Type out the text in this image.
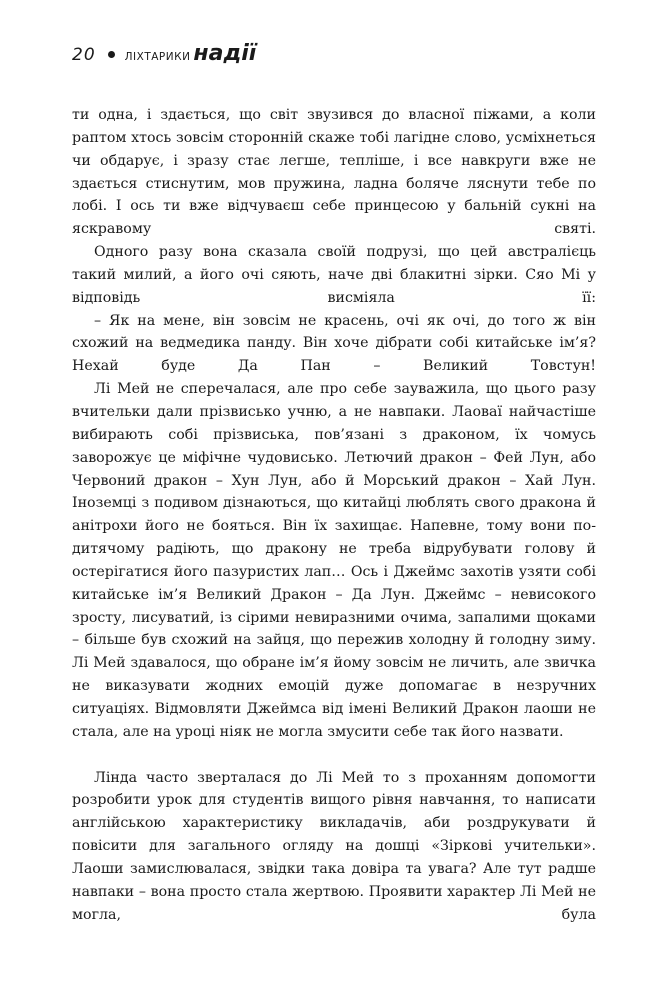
20	ЛІХТАРИКИ надії

ти одна, і здається, що світ звузився до власної піжами, а коли раптом хтось зовсім сторонній скаже тобі лагідне слово, усміхнеться чи обдарує, і зразу стає легше, тепліше, і все навкруги вже не здається стиснутим, мов пружина, ладна боляче ляснути тебе по лобі. І ось ти вже відчуваєш себе принцесою у бальній сукні на яскравому святі.

Одного разу вона сказала своїй подрузі, що цей австралієць такий милий, а його очі сяють, наче дві блакитні зірки. Сяо Мі у відповідь висміяла її:

– Як на мене, він зовсім не красень, очі як очі, до того ж він схожий на ведмедика панду. Він хоче дібрати собі китайське ім’я? Нехай буде Да Пан – Великий Товстун!

Лі Мей не сперечалася, але про себе зауважила, що цього разу вчительки дали прізвисько учню, а не навпаки. Лаоваї найчастіше вибирають собі прізвиська, пов’язані з драконом, їх чомусь заворожує це міфічне чудовисько. Летючий дракон – Фей Лун, або Червоний дракон – Хун Лун, або й Морський дракон – Хай Лун. Іноземці з подивом дізнаються, що китайці люблять свого дракона й анітрохи його не бояться. Він їх захищає. Напевне, тому вони по-дитячому радіють, що дракону не треба відрубувати голову й остерігатися його пазуристих лап… Ось і Джеймс захотів узяти собі китайське ім’я Великий Дракон – Да Лун. Джеймс – невисокого зросту, лисуватий, із сірими невиразними очима, запалими щоками – більше був схожий на зайця, що пережив холодну й голодну зиму. Лі Мей здавалося, що обране ім’я йому зовсім не личить, але звичка не виказувати жодних емоцій дуже допомагає в незручних ситуаціях. Відмовляти Джеймса від імені Великий Дракон лаоши не стала, але на уроці ніяк не могла змусити себе так його назвати.

Лінда часто зверталася до Лі Мей то з проханням допомогти розробити урок для студентів вищого рівня навчання, то написати англійською характеристику викладачів, аби роздрукувати й повісити для загального огляду на дошці «Зіркові учительки». Лаоши замислювалася, звідки така довіра та увага? Але тут радше навпаки – вона просто стала жертвою. Проявити характер Лі Мей не могла, була
